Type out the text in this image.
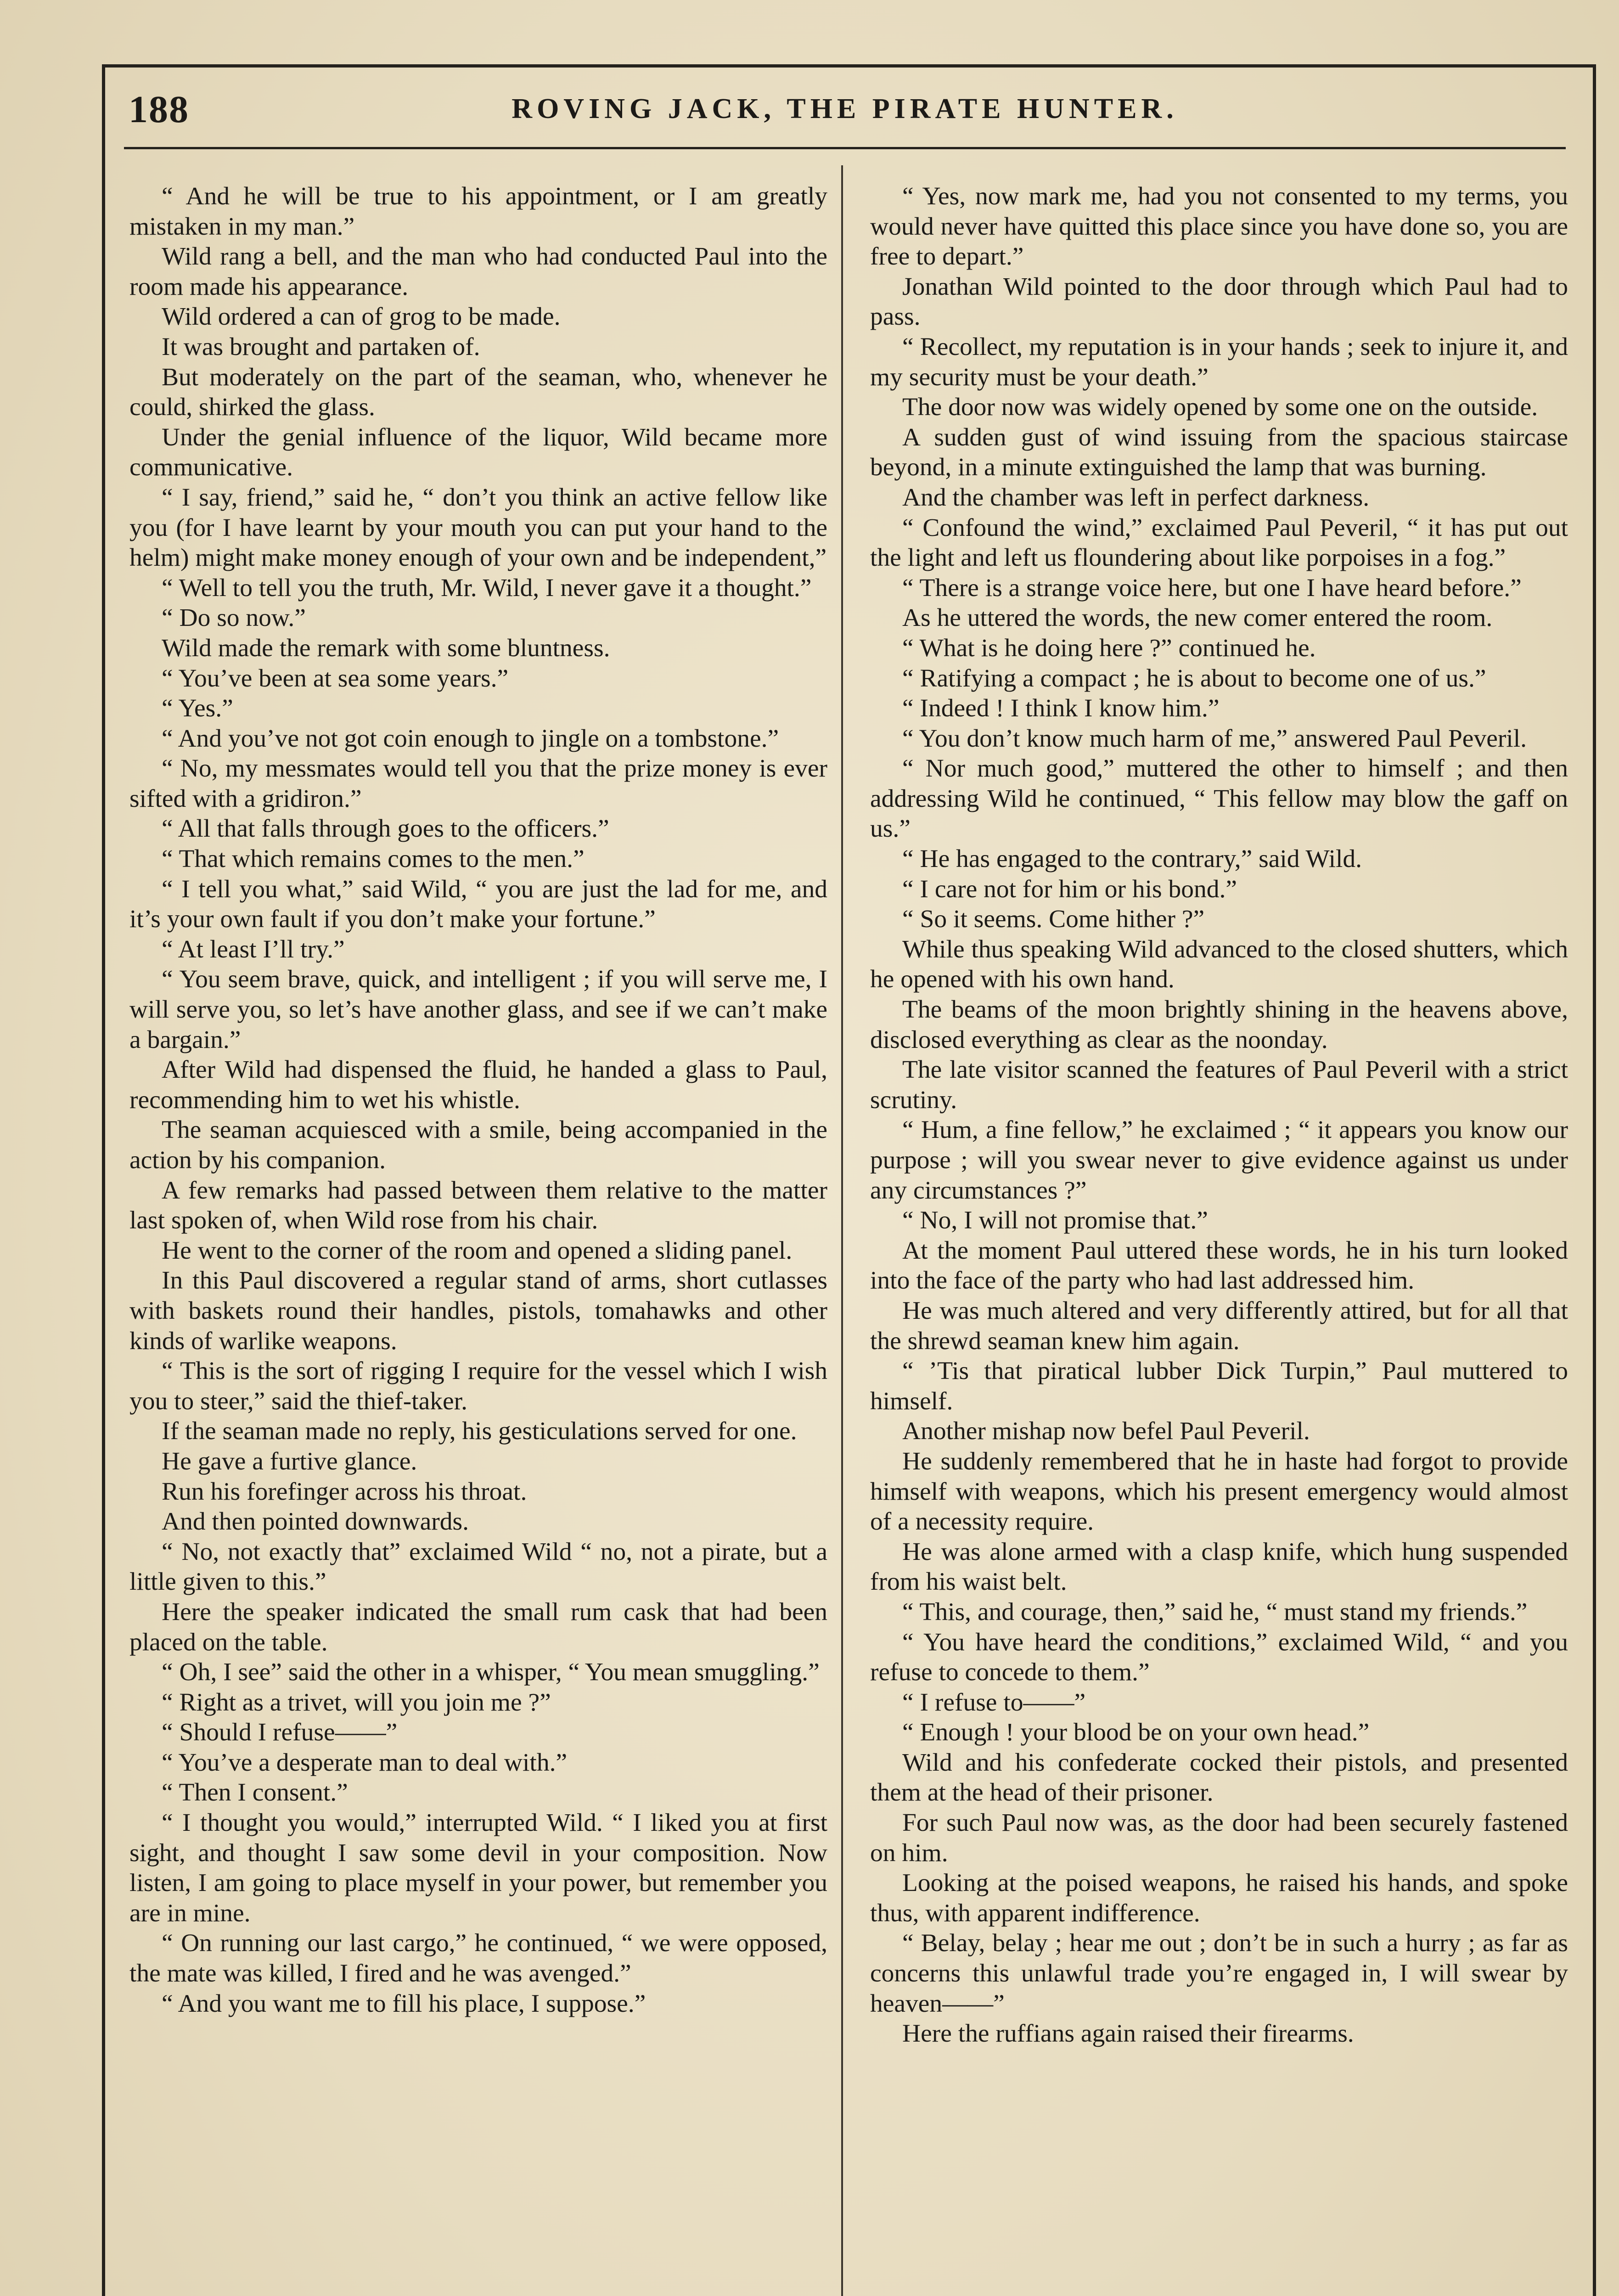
188	ROVING JACK, THE PIRATE HUNTER.

“ And he will be true to his appointment, or I am greatly mistaken in my man.”

Wild rang a bell, and the man who had conducted Paul into the room made his appearance.

Wild ordered a can of grog to be made.

It was brought and partaken of.

But moderately on the part of the seaman, who, whenever he could, shirked the glass.

Under the genial influence of the liquor, Wild became more communicative.

“ I say, friend,” said he, “ don’t you think an active fellow like you (for I have learnt by your mouth you can put your hand to the helm) might make money enough of your own and be independent,”

“ Well to tell you the truth, Mr. Wild, I never gave it a thought.”

“ Do so now.”

Wild made the remark with some bluntness.

“ You’ve been at sea some years.”

“ Yes.”

“ And you’ve not got coin enough to jingle on a tombstone.”

“ No, my messmates would tell you that the prize money is ever sifted with a gridiron.”

“ All that falls through goes to the officers.”

“ That which remains comes to the men.”

“ I tell you what,” said Wild, “ you are just the lad for me, and it’s your own fault if you don’t make your fortune.”

“ At least I’ll try.”

“ You seem brave, quick, and intelligent ; if you will serve me, I will serve you, so let’s have another glass, and see if we can’t make a bargain.”

After Wild had dispensed the fluid, he handed a glass to Paul, recommending him to wet his whistle.

The seaman acquiesced with a smile, being accompanied in the action by his companion.

A few remarks had passed between them relative to the matter last spoken of, when Wild rose from his chair.

He went to the corner of the room and opened a sliding panel.

In this Paul discovered a regular stand of arms, short cutlasses with baskets round their handles, pistols, tomahawks and other kinds of warlike weapons.

“ This is the sort of rigging I require for the vessel which I wish you to steer,” said the thief-taker.

If the seaman made no reply, his gesticulations served for one.

He gave a furtive glance.

Run his forefinger across his throat.

And then pointed downwards.

“ No, not exactly that” exclaimed Wild “ no, not a pirate, but a little given to this.”

Here the speaker indicated the small rum cask that had been placed on the table.

“ Oh, I see” said the other in a whisper, “ You mean smuggling.”

“ Right as a trivet, will you join me ?”

“ Should I refuse——”

“ You’ve a desperate man to deal with.”

“ Then I consent.”

“ I thought you would,” interrupted Wild. “ I liked you at first sight, and thought I saw some devil in your composition. Now listen, I am going to place myself in your power, but remember you are in mine.

“ On running our last cargo,” he continued, “ we were opposed, the mate was killed, I fired and he was avenged.”

“ And you want me to fill his place, I suppose.”

“ Yes, now mark me, had you not consented to my terms, you would never have quitted this place since you have done so, you are free to depart.”

Jonathan Wild pointed to the door through which Paul had to pass.

“ Recollect, my reputation is in your hands ; seek to injure it, and my security must be your death.”

The door now was widely opened by some one on the outside.

A sudden gust of wind issuing from the spacious staircase beyond, in a minute extinguished the lamp that was burning.

And the chamber was left in perfect darkness.

“ Confound the wind,” exclaimed Paul Peveril, “ it has put out the light and left us floundering about like porpoises in a fog.”

“ There is a strange voice here, but one I have heard before.”

As he uttered the words, the new comer entered the room.

“ What is he doing here ?” continued he.

“ Ratifying a compact ; he is about to become one of us.”

“ Indeed ! I think I know him.”

“ You don’t know much harm of me,” answered Paul Peveril.

“ Nor much good,” muttered the other to himself ; and then addressing Wild he continued, “ This fellow may blow the gaff on us.”

“ He has engaged to the contrary,” said Wild.

“ I care not for him or his bond.”

“ So it seems. Come hither ?”

While thus speaking Wild advanced to the closed shutters, which he opened with his own hand.

The beams of the moon brightly shining in the heavens above, disclosed everything as clear as the noonday.

The late visitor scanned the features of Paul Peveril with a strict scrutiny.

“ Hum, a fine fellow,” he exclaimed ; “ it appears you know our purpose ; will you swear never to give evidence against us under any circumstances ?”

“ No, I will not promise that.”

At the moment Paul uttered these words, he in his turn looked into the face of the party who had last addressed him.

He was much altered and very differently attired, but for all that the shrewd seaman knew him again.

“ ’Tis that piratical lubber Dick Turpin,” Paul muttered to himself.

Another mishap now befel Paul Peveril.

He suddenly remembered that he in haste had forgot to provide himself with weapons, which his present emergency would almost of a necessity require.

He was alone armed with a clasp knife, which hung suspended from his waist belt.

“ This, and courage, then,” said he, “ must stand my friends.”

“ You have heard the conditions,” exclaimed Wild, “ and you refuse to concede to them.”

“ I refuse to——”

“ Enough ! your blood be on your own head.”

Wild and his confederate cocked their pistols, and presented them at the head of their prisoner.

For such Paul now was, as the door had been securely fastened on him.

Looking at the poised weapons, he raised his hands, and spoke thus, with apparent indifference.

“ Belay, belay ; hear me out ; don’t be in such a hurry ; as far as concerns this unlawful trade you’re engaged in, I will swear by heaven——”

Here the ruffians again raised their firearms.
